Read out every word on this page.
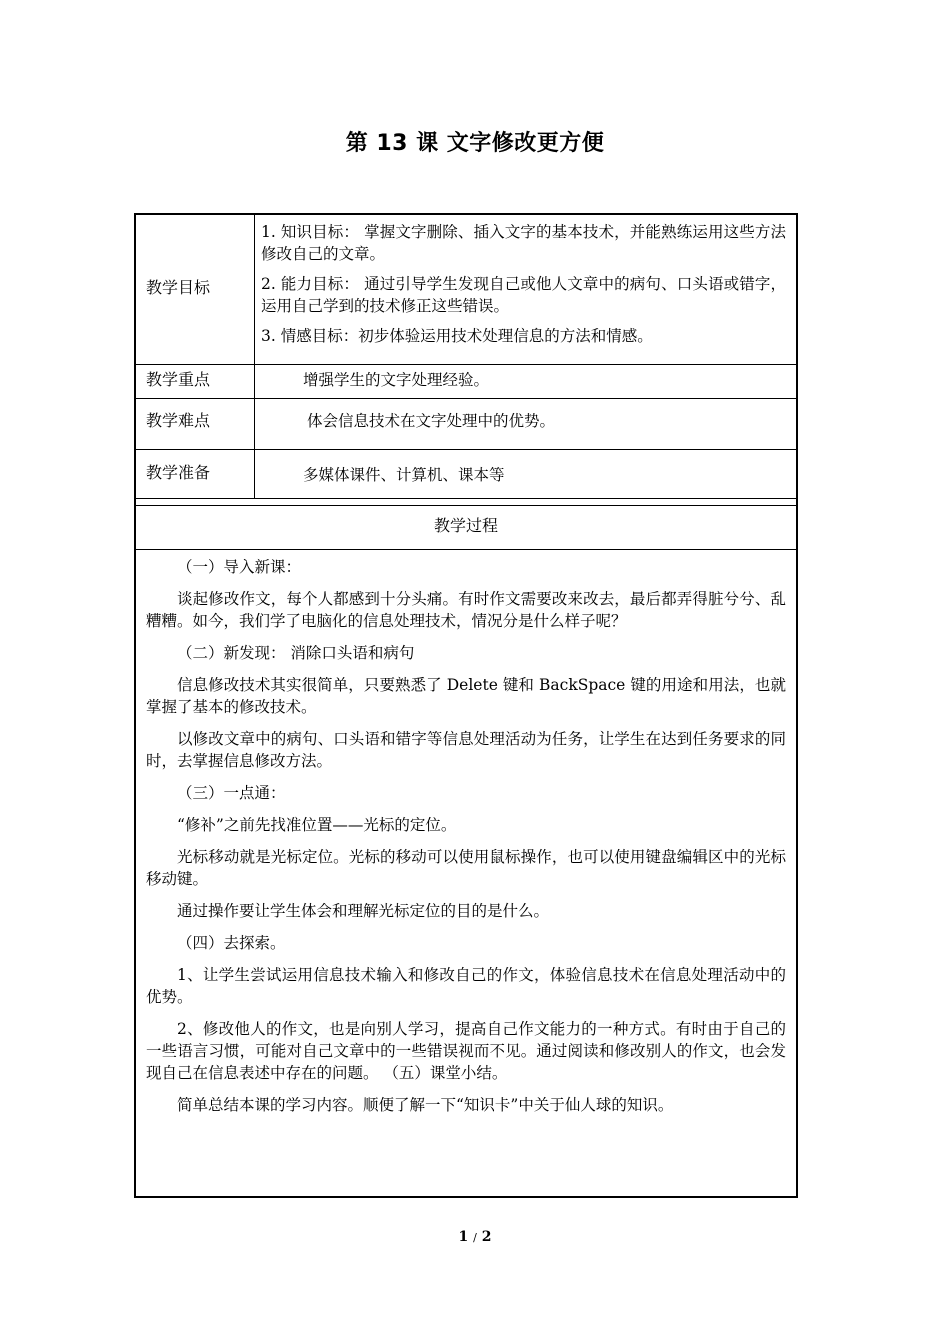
第 13 课 文字修改更方便
教学目标

1. 知识目标： 掌握文字删除、插入文字的基本技术，并能熟练运用这些方法修改自己的文章。

2. 能力目标： 通过引导学生发现自己或他人文章中的病句、口头语或错字，运用自己学到的技术修正这些错误。

3. 情感目标：初步体验运用技术处理信息的方法和情感。

教学重点	增强学生的文字处理经验。
教学难点	体会信息技术在文字处理中的优势。
教学准备	多媒体课件、计算机、课本等
教学过程

（一）导入新课：

谈起修改作文，每个人都感到十分头痛。有时作文需要改来改去，最后都弄得脏兮兮、乱糟糟。如今，我们学了电脑化的信息处理技术，情况分是什么样子呢？

（二）新发现： 消除口头语和病句

信息修改技术其实很简单，只要熟悉了 Delete 键和 BackSpace 键的用途和用法，也就掌握了基本的修改技术。

以修改文章中的病句、口头语和错字等信息处理活动为任务，让学生在达到任务要求的同时，去掌握信息修改方法。

（三）一点通：

“修补”之前先找准位置——光标的定位。

光标移动就是光标定位。光标的移动可以使用鼠标操作，也可以使用键盘编辑区中的光标移动键。

通过操作要让学生体会和理解光标定位的目的是什么。

（四）去探索。

1、让学生尝试运用信息技术输入和修改自己的作文，体验信息技术在信息处理活动中的优势。

2、修改他人的作文，也是向别人学习，提高自己作文能力的一种方式。有时由于自己的一些语言习惯，可能对自己文章中的一些错误视而不见。通过阅读和修改别人的作文，也会发现自己在信息表述中存在的问题。 （五）课堂小结。

简单总结本课的学习内容。顺便了解一下“知识卡”中关于仙人球的知识。

1 / 2
